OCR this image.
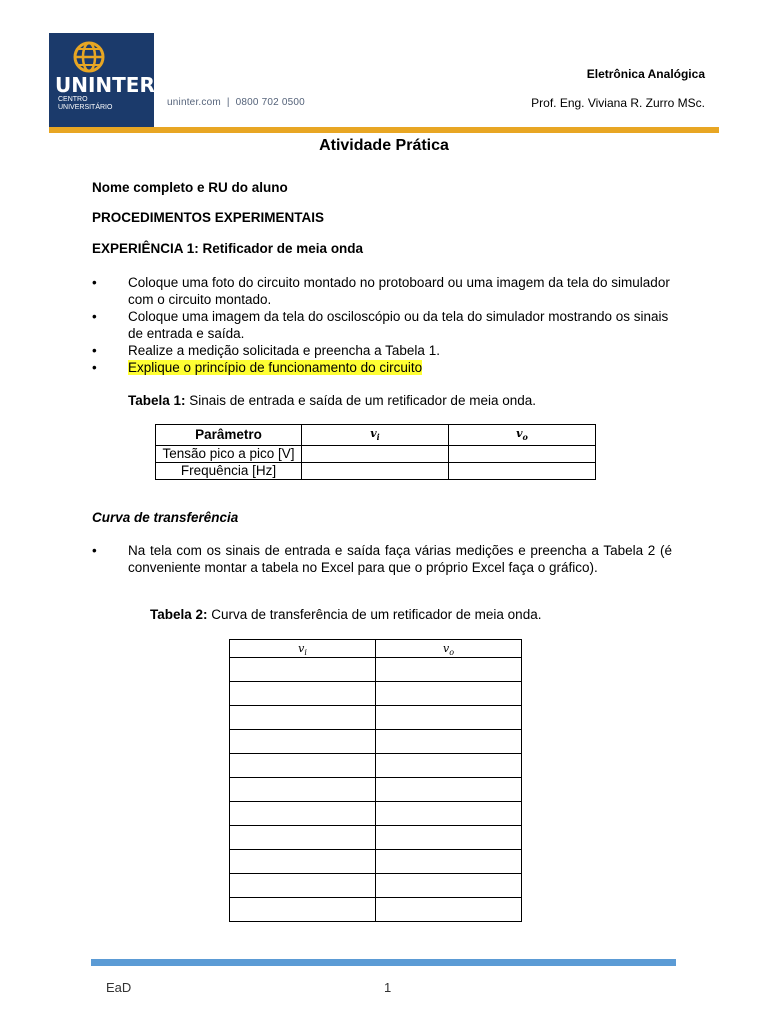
UNINTER
CENTRO
UNIVERSITÁRIO	uninter.com  |  0800 702 0500
Eletrônica Analógica
Prof. Eng. Viviana R. Zurro MSc.
Atividade Prática
Nome completo e RU do aluno
PROCEDIMENTOS EXPERIMENTAIS
EXPERIÊNCIA 1: Retificador de meia onda
• Coloque uma foto do circuito montado no protoboard ou uma imagem da tela do simulador com o circuito montado.
• Coloque uma imagem da tela do osciloscópio ou da tela do simulador mostrando os sinais de entrada e saída.
• Realize a medição solicitada e preencha a Tabela 1.
• Explique o princípio de funcionamento do circuito
Tabela 1: Sinais de entrada e saída de um retificador de meia onda.
Parâmetro	$v_i$	$v_o$
Tensão pico a pico [V]		
Frequência [Hz]		
Curva de transferência
• Na tela com os sinais de entrada e saída faça várias medições e preencha a Tabela 2 (é conveniente montar a tabela no Excel para que o próprio Excel faça o gráfico).
Tabela 2: Curva de transferência de um retificador de meia onda.
$v_i$	$v_o$

EaD	1
